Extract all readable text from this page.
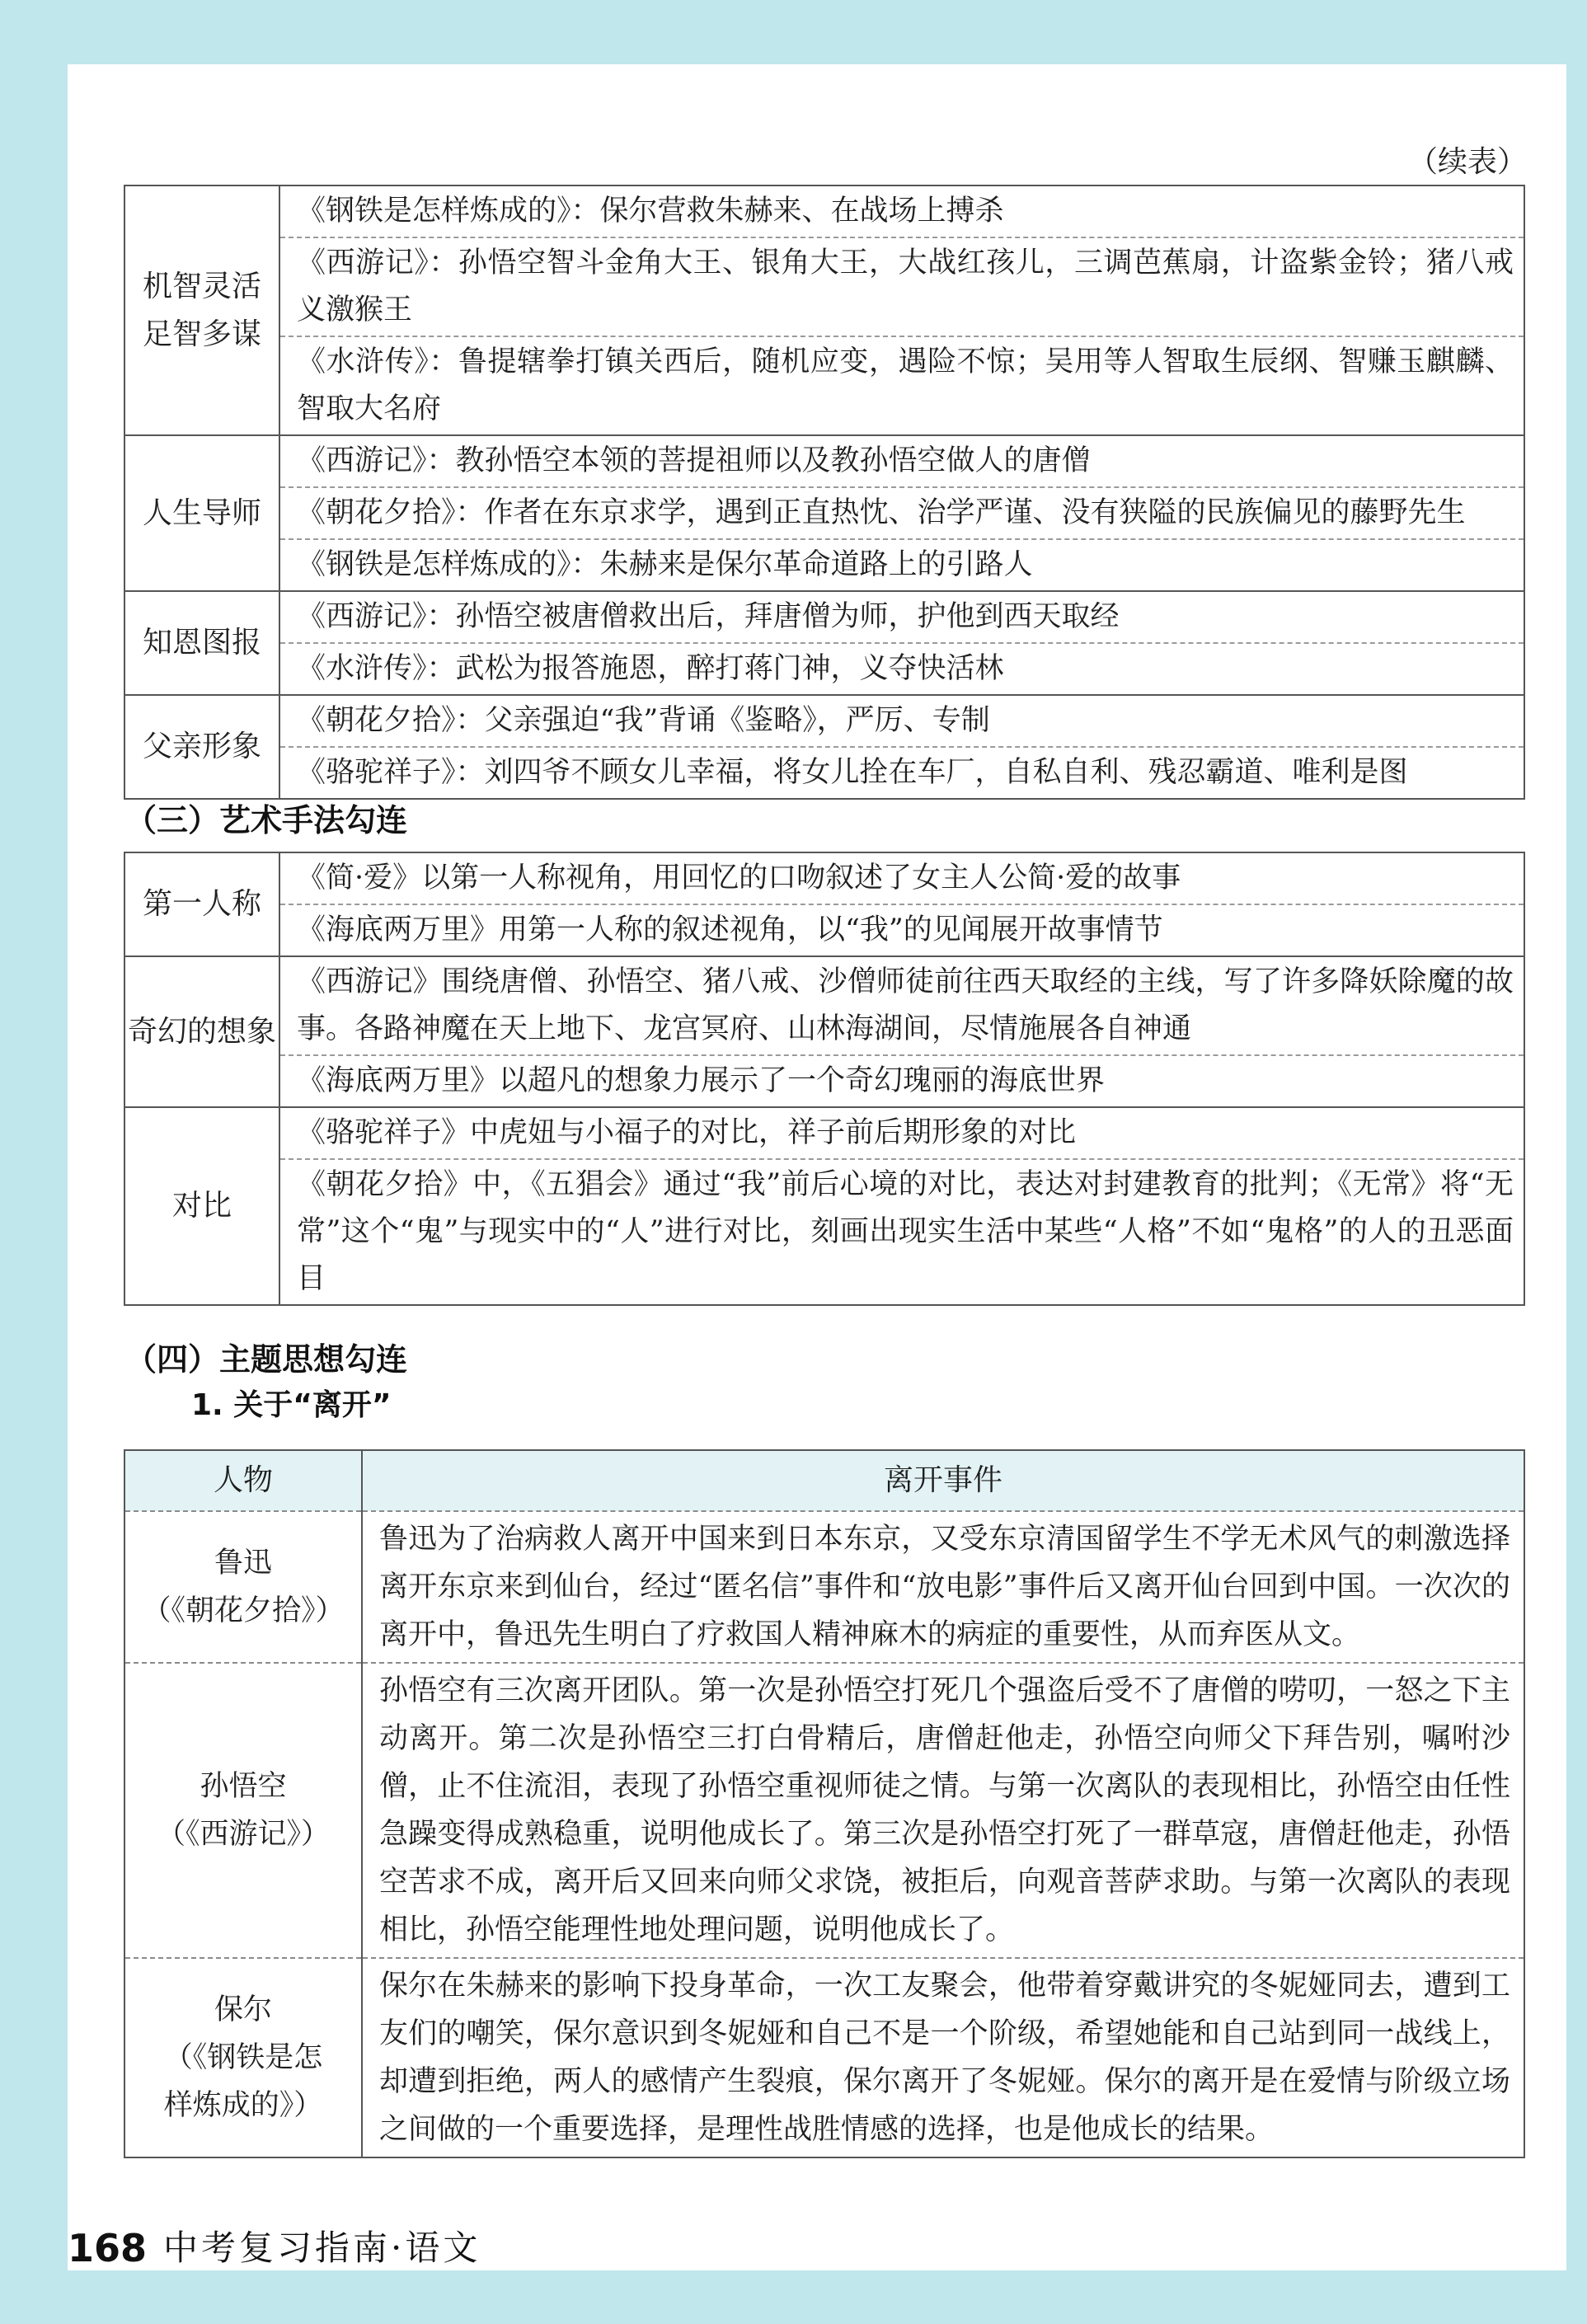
（续表）
机智灵活
足智多谋	《钢铁是怎样炼成的》：保尔营救朱赫来、在战场上搏杀
	《西游记》：孙悟空智斗金角大王、银角大王，大战红孩儿，三调芭蕉扇，计盗紫金铃；猪八戒义激猴王
	《水浒传》：鲁提辖拳打镇关西后，随机应变，遇险不惊；吴用等人智取生辰纲、智赚玉麒麟、智取大名府

人生导师	《西游记》：教孙悟空本领的菩提祖师以及教孙悟空做人的唐僧
	《朝花夕拾》：作者在东京求学，遇到正直热忱、治学严谨、没有狭隘的民族偏见的藤野先生
	《钢铁是怎样炼成的》：朱赫来是保尔革命道路上的引路人

知恩图报	《西游记》：孙悟空被唐僧救出后，拜唐僧为师，护他到西天取经
	《水浒传》：武松为报答施恩，醉打蒋门神，义夺快活林

父亲形象	《朝花夕拾》：父亲强迫“我”背诵《鉴略》，严厉、专制
	《骆驼祥子》：刘四爷不顾女儿幸福，将女儿拴在车厂，自私自利、残忍霸道、唯利是图
（三）艺术手法勾连
第一人称	《简·爱》以第一人称视角，用回忆的口吻叙述了女主人公简·爱的故事
	《海底两万里》用第一人称的叙述视角，以“我”的见闻展开故事情节

奇幻的想象	《西游记》围绕唐僧、孙悟空、猪八戒、沙僧师徒前往西天取经的主线，写了许多降妖除魔的故事。各路神魔在天上地下、龙宫冥府、山林海湖间，尽情施展各自神通
	《海底两万里》以超凡的想象力展示了一个奇幻瑰丽的海底世界

对比	《骆驼祥子》中虎妞与小福子的对比，祥子前后期形象的对比
	《朝花夕拾》中，《五猖会》通过“我”前后心境的对比，表达对封建教育的批判；《无常》将“无常”这个“鬼”与现实中的“人”进行对比，刻画出现实生活中某些“人格”不如“鬼格”的人的丑恶面目
（四）主题思想勾连
1. 关于“离开”
人物	离开事件

鲁迅
（《朝花夕拾》）	鲁迅为了治病救人离开中国来到日本东京，又受东京清国留学生不学无术风气的刺激选择离开东京来到仙台，经过“匿名信”事件和“放电影”事件后又离开仙台回到中国。一次次的离开中，鲁迅先生明白了疗救国人精神麻木的病症的重要性，从而弃医从文。

孙悟空
（《西游记》）	孙悟空有三次离开团队。第一次是孙悟空打死几个强盗后受不了唐僧的唠叨，一怒之下主动离开。第二次是孙悟空三打白骨精后，唐僧赶他走，孙悟空向师父下拜告别，嘱咐沙僧，止不住流泪，表现了孙悟空重视师徒之情。与第一次离队的表现相比，孙悟空由任性急躁变得成熟稳重，说明他成长了。第三次是孙悟空打死了一群草寇，唐僧赶他走，孙悟空苦求不成，离开后又回来向师父求饶，被拒后，向观音菩萨求助。与第一次离队的表现相比，孙悟空能理性地处理问题，说明他成长了。

保尔
（《钢铁是怎
样炼成的》）	保尔在朱赫来的影响下投身革命，一次工友聚会，他带着穿戴讲究的冬妮娅同去，遭到工友们的嘲笑，保尔意识到冬妮娅和自己不是一个阶级，希望她能和自己站到同一战线上，却遭到拒绝，两人的感情产生裂痕，保尔离开了冬妮娅。保尔的离开是在爱情与阶级立场之间做的一个重要选择，是理性战胜情感的选择，也是他成长的结果。
168 中考复习指南·语文
